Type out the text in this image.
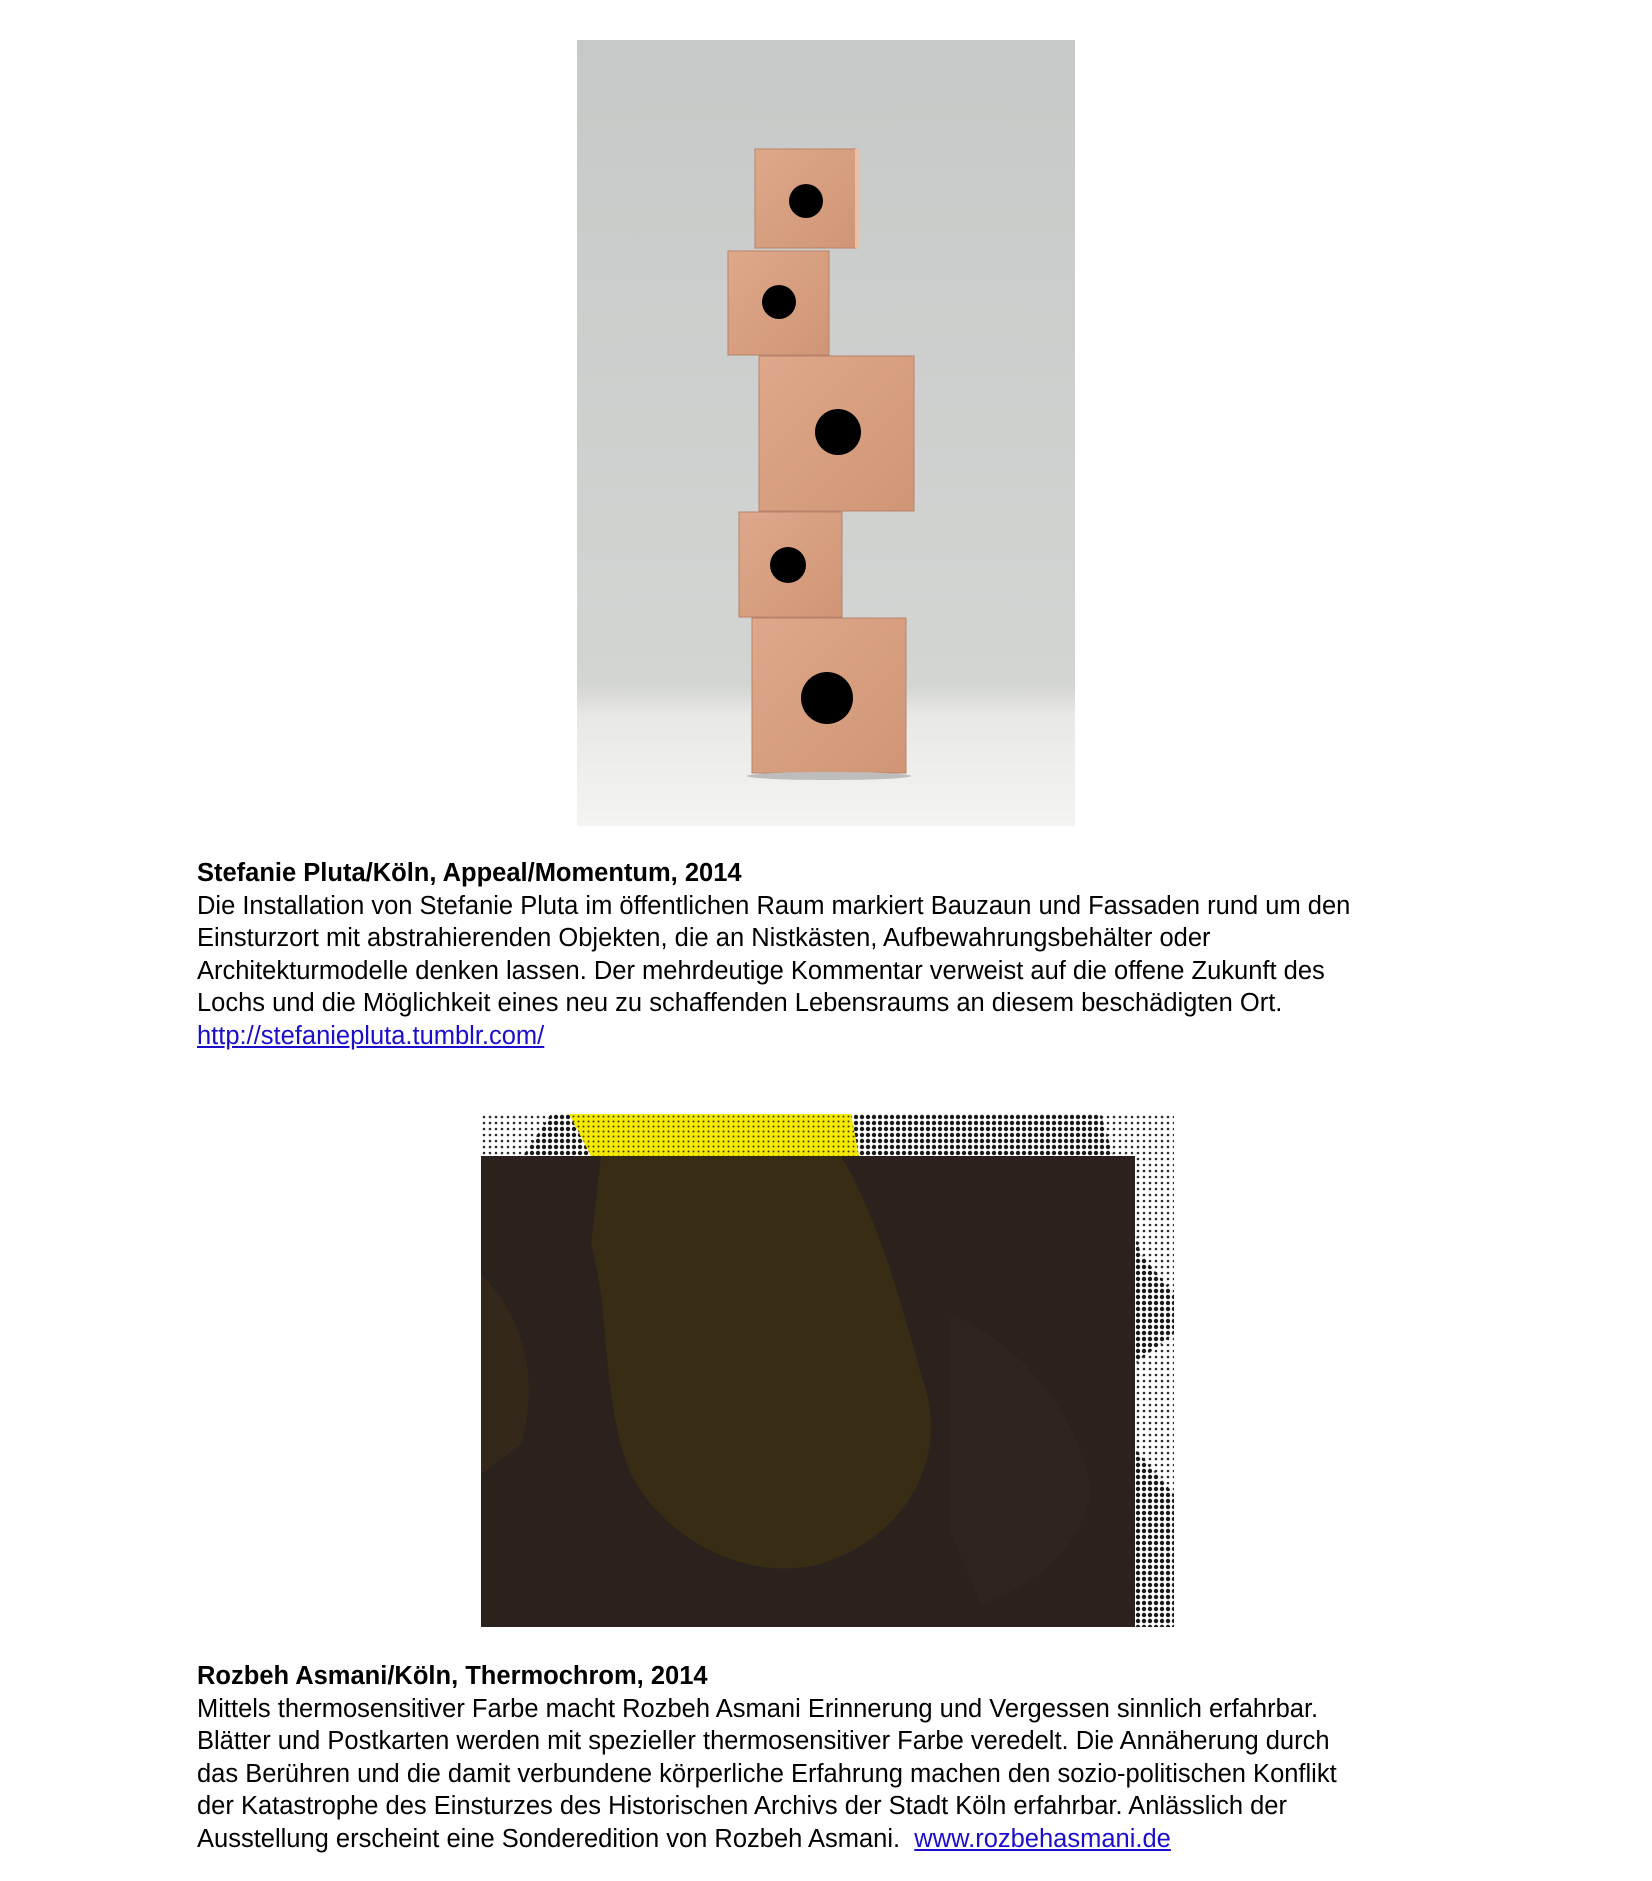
Stefanie Pluta/Köln, Appeal/Momentum, 2014
Die Installation von Stefanie Pluta im öffentlichen Raum markiert Bauzaun und Fassaden rund um den
Einsturzort mit abstrahierenden Objekten, die an Nistkästen, Aufbewahrungsbehälter oder
Architekturmodelle denken lassen. Der mehrdeutige Kommentar verweist auf die offene Zukunft des
Lochs und die Möglichkeit eines neu zu schaffenden Lebensraums an diesem beschädigten Ort.
http://stefaniepluta.tumblr.com/
Rozbeh Asmani/Köln, Thermochrom, 2014
Mittels thermosensitiver Farbe macht Rozbeh Asmani Erinnerung und Vergessen sinnlich erfahrbar.
Blätter und Postkarten werden mit spezieller thermosensitiver Farbe veredelt. Die Annäherung durch
das Berühren und die damit verbundene körperliche Erfahrung machen den sozio-politischen Konflikt
der Katastrophe des Einsturzes des Historischen Archivs der Stadt Köln erfahrbar. Anlässlich der
Ausstellung erscheint eine Sonderedition von Rozbeh Asmani. www.rozbehasmani.de
